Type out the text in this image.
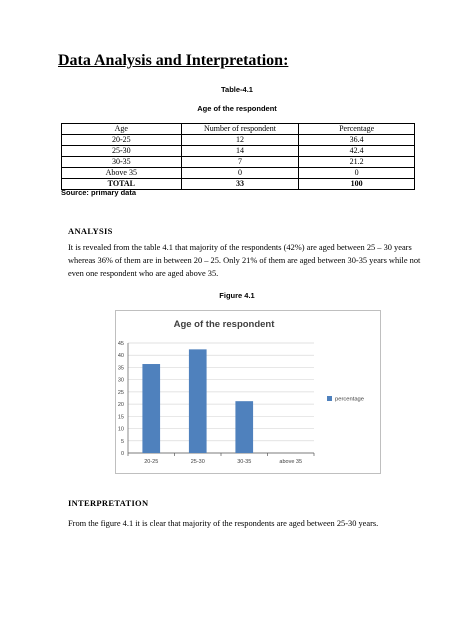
Data Analysis and Interpretation:
Table-4.1
Age of the respondent
Age	Number of respondent	Percentage
20-25	12	36.4
25-30	14	42.4
30-35	7	21.2
Above 35	0	0
TOTAL	33	100
Source: primary data
ANALYSIS
It is revealed from the table 4.1 that majority of the respondents (42%) are aged between 25 – 30 years whereas 36% of them are in between 20 – 25. Only 21% of them are aged between 30-35 years while not even one respondent who are aged above 35.
Figure 4.1
Age of the respondent
0
5
10
15
20
25
30
35
40
45
20-25	25-30	30-35	above 35
percentage
INTERPRETATION
From the figure 4.1 it is clear that majority of the respondents are aged between 25-30 years.
